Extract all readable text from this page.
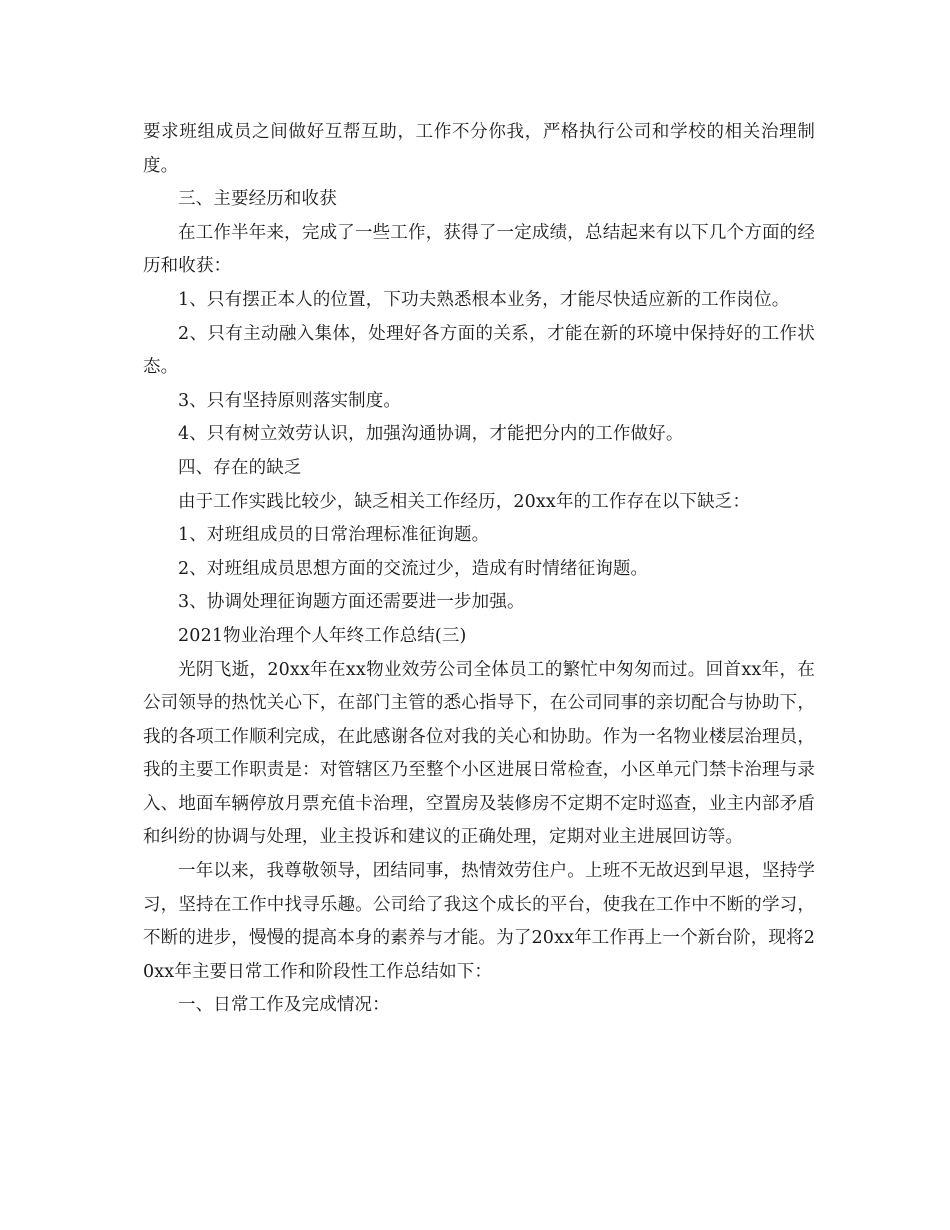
要求班组成员之间做好互帮互助，工作不分你我，严格执行公司和学校的相关治理制度。

三、主要经历和收获

在工作半年来，完成了一些工作，获得了一定成绩，总结起来有以下几个方面的经历和收获：

1、只有摆正本人的位置，下功夫熟悉根本业务，才能尽快适应新的工作岗位。

2、只有主动融入集体，处理好各方面的关系，才能在新的环境中保持好的工作状态。

3、只有坚持原则落实制度。

4、只有树立效劳认识，加强沟通协调，才能把分内的工作做好。

四、存在的缺乏

由于工作实践比较少，缺乏相关工作经历，20xx年的工作存在以下缺乏：

1、对班组成员的日常治理标准征询题。

2、对班组成员思想方面的交流过少，造成有时情绪征询题。

3、协调处理征询题方面还需要进一步加强。

2021物业治理个人年终工作总结(三)

光阴飞逝，20xx年在xx物业效劳公司全体员工的繁忙中匆匆而过。回首xx年，在公司领导的热忱关心下，在部门主管的悉心指导下，在公司同事的亲切配合与协助下，我的各项工作顺利完成，在此感谢各位对我的关心和协助。作为一名物业楼层治理员，我的主要工作职责是：对管辖区乃至整个小区进展日常检查，小区单元门禁卡治理与录入、地面车辆停放月票充值卡治理，空置房及装修房不定期不定时巡查，业主内部矛盾和纠纷的协调与处理，业主投诉和建议的正确处理，定期对业主进展回访等。

一年以来，我尊敬领导，团结同事，热情效劳住户。上班不无故迟到早退，坚持学习，坚持在工作中找寻乐趣。公司给了我这个成长的平台，使我在工作中不断的学习，不断的进步，慢慢的提高本身的素养与才能。为了20xx年工作再上一个新台阶，现将20xx年主要日常工作和阶段性工作总结如下：

一、日常工作及完成情况：
